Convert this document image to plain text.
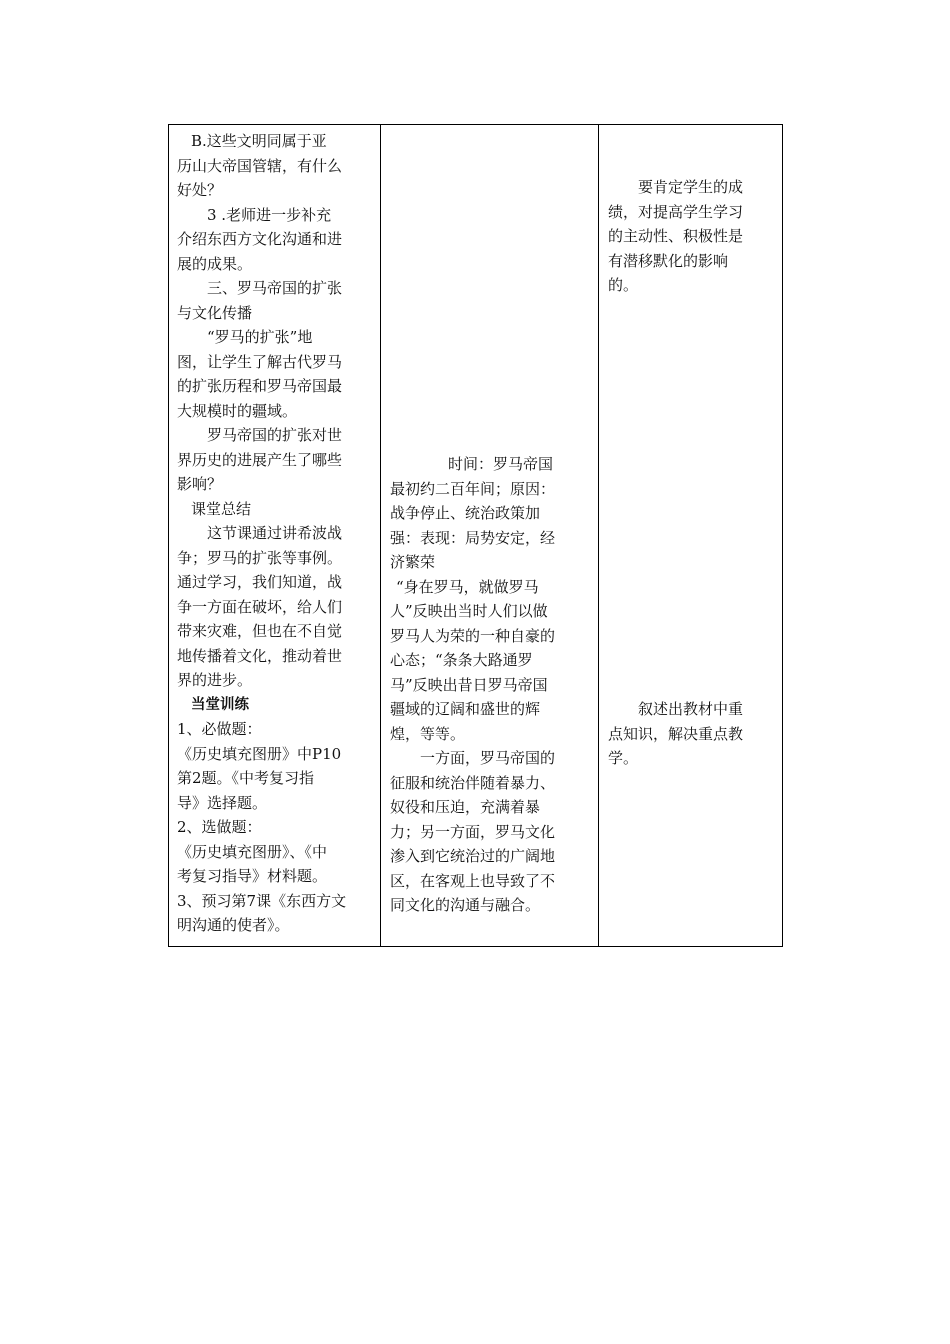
B.这些文明同属于亚
历山大帝国管辖，有什么
好处？
3 .老师进一步补充
介绍东西方文化沟通和进
展的成果。
三、罗马帝国的扩张
与文化传播
“罗马的扩张”地
图，让学生了解古代罗马
的扩张历程和罗马帝国最
大规模时的疆域。
罗马帝国的扩张对世
界历史的进展产生了哪些
影响？
课堂总结
这节课通过讲希波战
争；罗马的扩张等事例。
通过学习，我们知道，战
争一方面在破坏，给人们
带来灾难，但也在不自觉
地传播着文化，推动着世
界的进步。
当堂训练
1、必做题：
《历史填充图册》中P10
第2题。《中考复习指
导》选择题。
2、选做题：
《历史填充图册》、《中
考复习指导》材料题。
3、预习第7课《东西方文
明沟通的使者》。
时间：罗马帝国
最初约二百年间；原因：
战争停止、统治政策加
强：表现：局势安定，经
济繁荣
“身在罗马，就做罗马
人”反映出当时人们以做
罗马人为荣的一种自豪的
心态；“条条大路通罗
马”反映出昔日罗马帝国
疆域的辽阔和盛世的辉
煌，等等。
一方面，罗马帝国的
征服和统治伴随着暴力、
奴役和压迫，充满着暴
力；另一方面，罗马文化
渗入到它统治过的广阔地
区，在客观上也导致了不
同文化的沟通与融合。
要肯定学生的成
绩，对提高学生学习
的主动性、积极性是
有潜移默化的影响
的。
叙述出教材中重
点知识，解决重点教
学。
